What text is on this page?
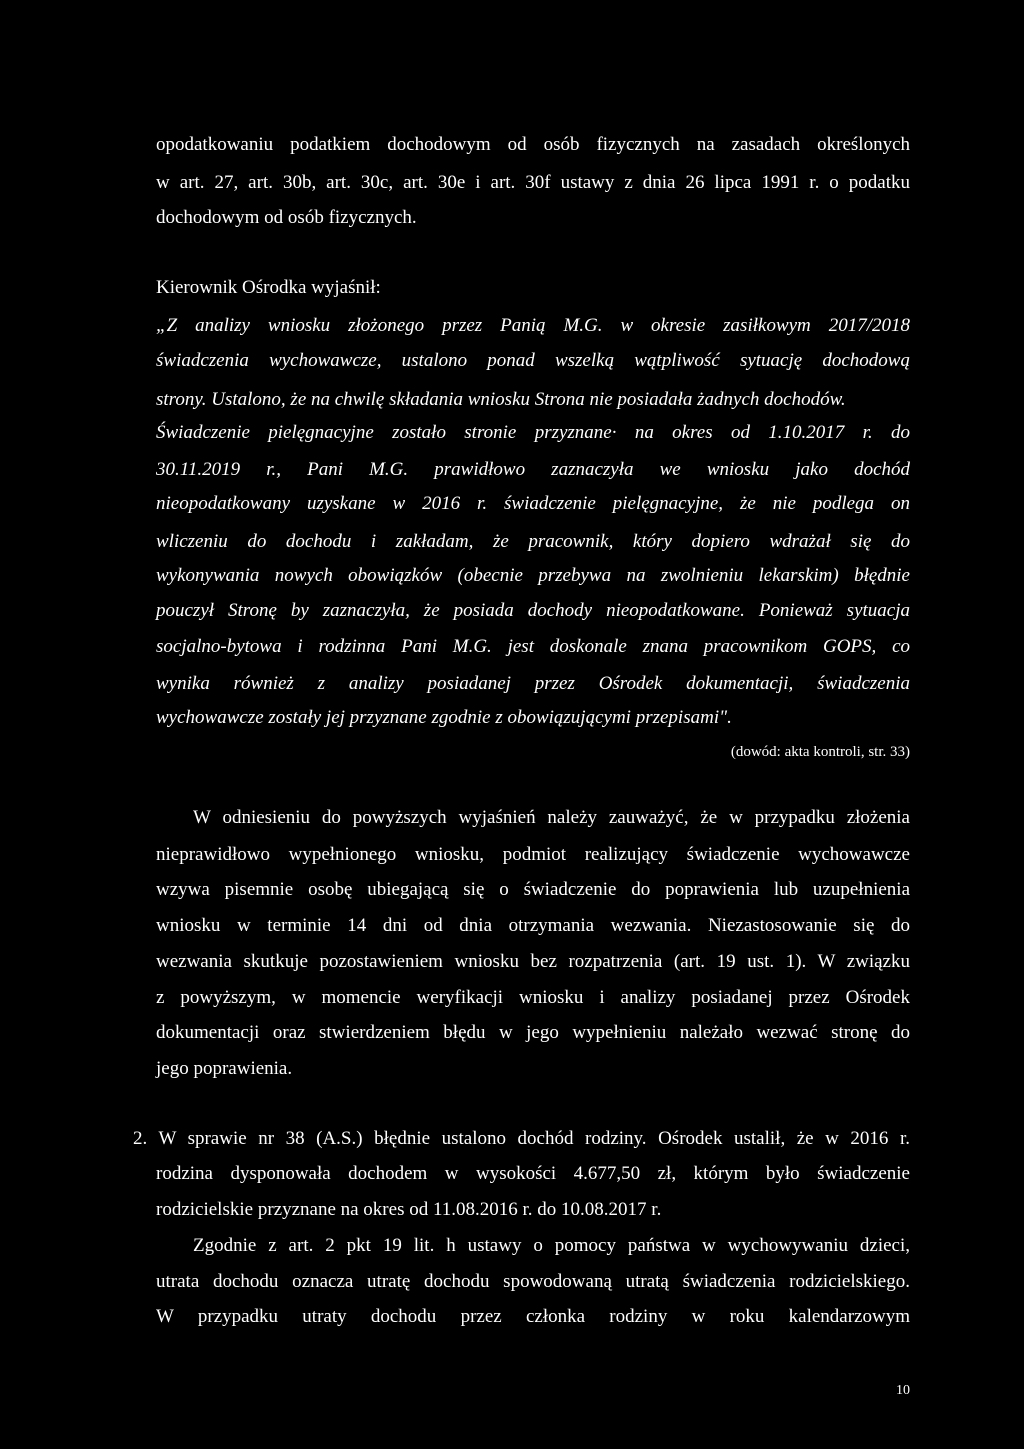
opodatkowaniu podatkiem dochodowym od osób fizycznych na zasadach określonych
w art. 27, art. 30b, art. 30c, art. 30e i art. 30f ustawy z dnia 26 lipca 1991 r. o podatku
dochodowym od osób fizycznych.
Kierownik Ośrodka wyjaśnił:
„Z analizy wniosku złożonego przez Panią M.G. w okresie zasiłkowym 2017/2018
świadczenia wychowawcze, ustalono ponad wszelką wątpliwość sytuację dochodową
strony. Ustalono, że na chwilę składania wniosku Strona nie posiadała żadnych dochodów.
Świadczenie pielęgnacyjne zostało stronie przyznane· na okres od 1.10.2017 r. do
30.11.2019 r., Pani M.G. prawidłowo zaznaczyła we wniosku jako dochód
nieopodatkowany uzyskane w 2016 r. świadczenie pielęgnacyjne, że nie podlega on
wliczeniu do dochodu i zakładam, że pracownik, który dopiero wdrażał się do
wykonywania nowych obowiązków (obecnie przebywa na zwolnieniu lekarskim) błędnie
pouczył Stronę by zaznaczyła, że posiada dochody nieopodatkowane. Ponieważ sytuacja
socjalno-bytowa i rodzinna Pani M.G. jest doskonale znana pracownikom GOPS, co
wynika również z analizy posiadanej przez Ośrodek dokumentacji, świadczenia
wychowawcze zostały jej przyznane zgodnie z obowiązującymi przepisami".
(dowód: akta kontroli, str. 33)
W odniesieniu do powyższych wyjaśnień należy zauważyć, że w przypadku złożenia
nieprawidłowo wypełnionego wniosku, podmiot realizujący świadczenie wychowawcze
wzywa pisemnie osobę ubiegającą się o świadczenie do poprawienia lub uzupełnienia
wniosku w terminie 14 dni od dnia otrzymania wezwania. Niezastosowanie się do
wezwania skutkuje pozostawieniem wniosku bez rozpatrzenia (art. 19 ust. 1). W związku
z powyższym, w momencie weryfikacji wniosku i analizy posiadanej przez Ośrodek
dokumentacji oraz stwierdzeniem błędu w jego wypełnieniu należało wezwać stronę do
jego poprawienia.
2. W sprawie nr 38 (A.S.) błędnie ustalono dochód rodziny. Ośrodek ustalił, że w 2016 r.
rodzina dysponowała dochodem w wysokości 4.677,50 zł, którym było świadczenie
rodzicielskie przyznane na okres od 11.08.2016 r. do 10.08.2017 r.
Zgodnie z art. 2 pkt 19 lit. h ustawy o pomocy państwa w wychowywaniu dzieci,
utrata dochodu oznacza utratę dochodu spowodowaną utratą świadczenia rodzicielskiego.
W przypadku utraty dochodu przez członka rodziny w roku kalendarzowym
10
